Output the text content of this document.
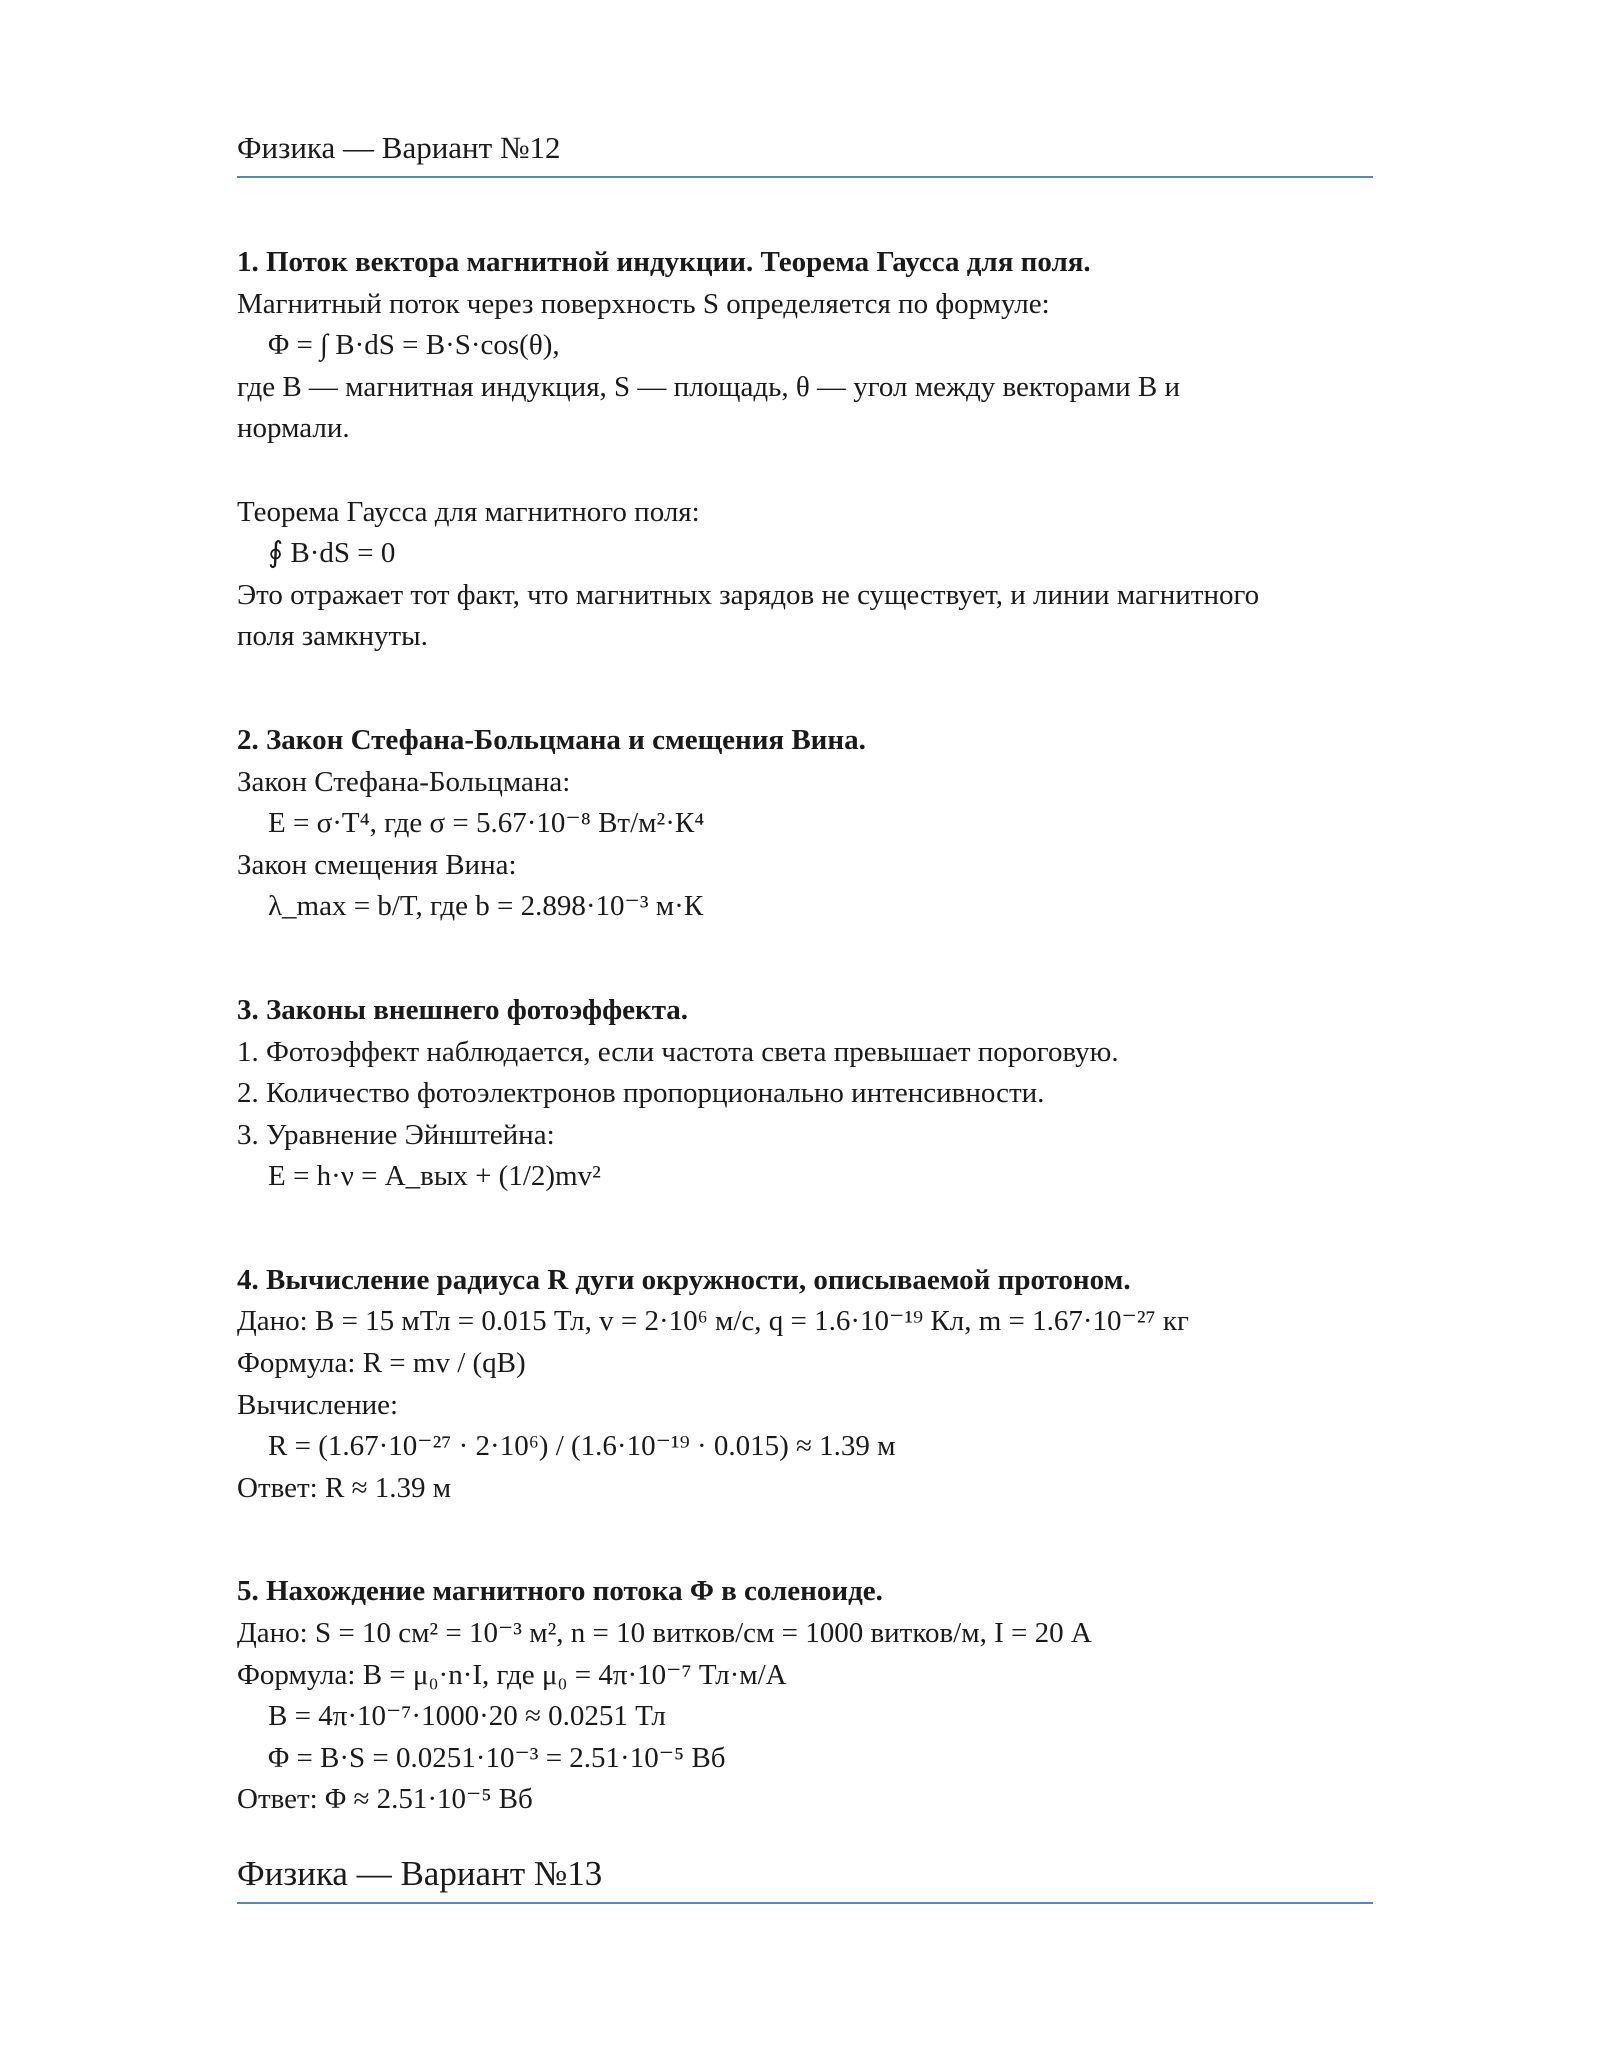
Физика — Вариант №12
1. Поток вектора магнитной индукции. Теорема Гаусса для поля.
Магнитный поток через поверхность S определяется по формуле:
Φ = ∫ B·dS = B·S·cos(θ),
где B — магнитная индукция, S — площадь, θ — угол между векторами B и
нормали.
Теорема Гаусса для магнитного поля:
∮ B·dS = 0
Это отражает тот факт, что магнитных зарядов не существует, и линии магнитного
поля замкнуты.
2. Закон Стефана-Больцмана и смещения Вина.
Закон Стефана-Больцмана:
E = σ·T⁴, где σ = 5.67·10⁻⁸ Вт/м²·К⁴
Закон смещения Вина:
λ_max = b/T, где b = 2.898·10⁻³ м·К
3. Законы внешнего фотоэффекта.
1. Фотоэффект наблюдается, если частота света превышает пороговую.
2. Количество фотоэлектронов пропорционально интенсивности.
3. Уравнение Эйнштейна:
E = h·ν = A_вых + (1/2)mv²
4. Вычисление радиуса R дуги окружности, описываемой протоном.
Дано: B = 15 мТл = 0.015 Тл, v = 2·10⁶ м/с, q = 1.6·10⁻¹⁹ Кл, m = 1.67·10⁻²⁷ кг
Формула: R = mv / (qB)
Вычисление:
R = (1.67·10⁻²⁷ · 2·10⁶) / (1.6·10⁻¹⁹ · 0.015) ≈ 1.39 м
Ответ: R ≈ 1.39 м
5. Нахождение магнитного потока Φ в соленоиде.
Дано: S = 10 см² = 10⁻³ м², n = 10 витков/см = 1000 витков/м, I = 20 А
Формула: B = μ₀·n·I, где μ₀ = 4π·10⁻⁷ Тл·м/А
B = 4π·10⁻⁷·1000·20 ≈ 0.0251 Тл
Φ = B·S = 0.0251·10⁻³ = 2.51·10⁻⁵ Вб
Ответ: Φ ≈ 2.51·10⁻⁵ Вб
Физика — Вариант №13
